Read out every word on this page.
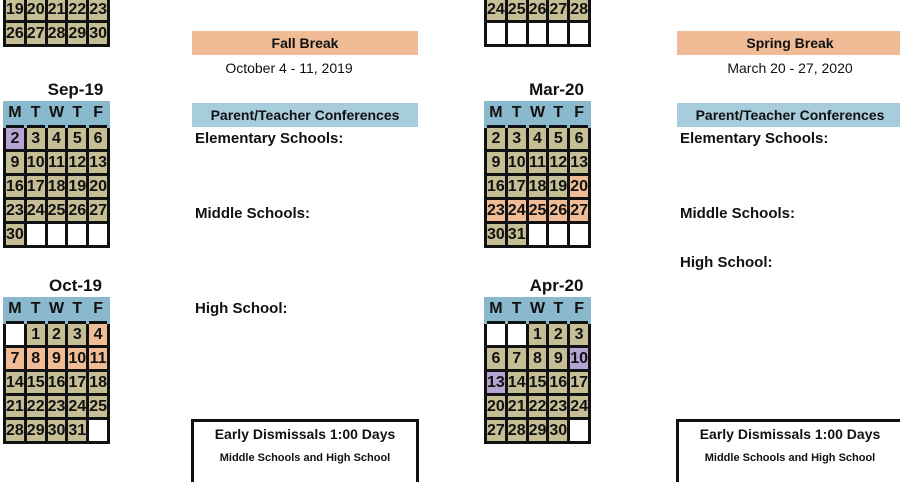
19	20	21	22	23
26	27	28	29	30
24	25	26	27	28

Sep-19
M	T	W	T	F
2	3	4	5	6
9	10	11	12	13
16	17	18	19	20
23	24	25	26	27
30				
Oct-19
M	T	W	T	F
	1	2	3	4
7	8	9	10	11
14	15	16	17	18
21	22	23	24	25
28	29	30	31	
Mar-20
M	T	W	T	F
2	3	4	5	6
9	10	11	12	13
16	17	18	19	20
23	24	25	26	27
30	31			
Apr-20
M	T	W	T	F
		1	2	3
6	7	8	9	10
13	14	15	16	17
20	21	22	23	24
27	28	29	30	
Fall Break
October 4 - 11, 2019
Parent/Teacher Conferences
Elementary Schools:
Middle Schools:
High School:
Early Dismissals 1:00 Days
Middle Schools and High School
Spring Break
March 20 - 27, 2020
Parent/Teacher Conferences
Elementary Schools:
Middle Schools:
High School:
Early Dismissals 1:00 Days
Middle Schools and High School
